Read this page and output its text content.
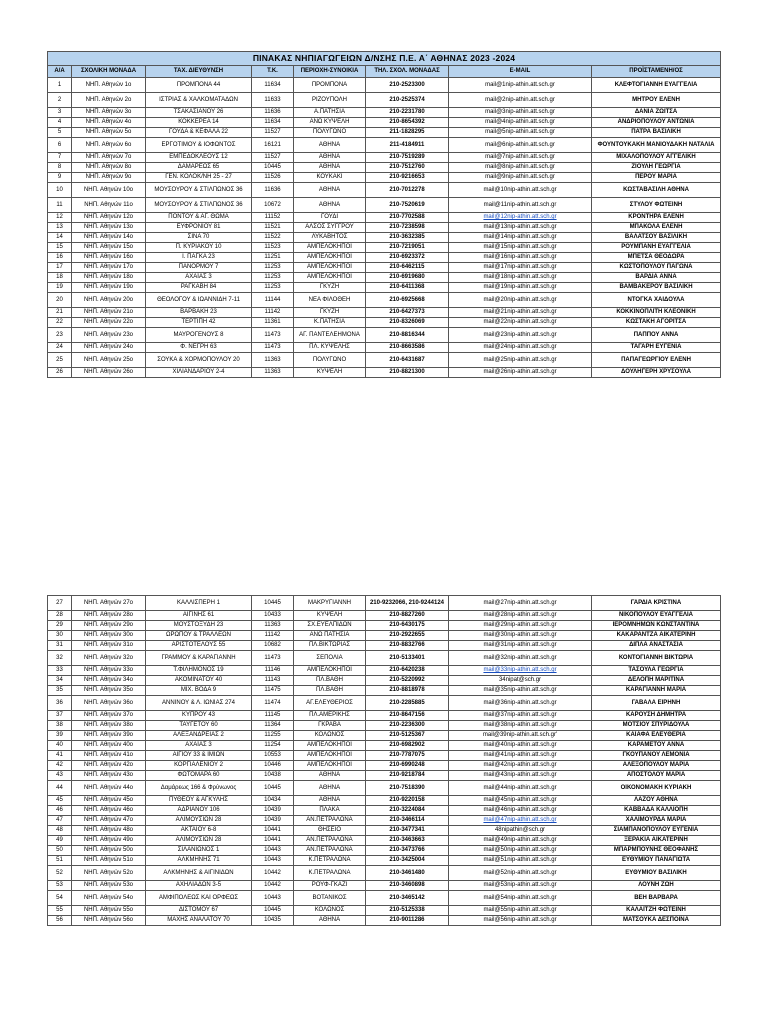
ΠΙΝΑΚΑΣ ΝΗΠΙΑΓΩΓΕΙΩΝ Δ/ΝΣΗΣ Π.Ε. Α΄ ΑΘΗΝΑΣ 2023 -2024							
Α/Α	ΣΧΟΛΙΚΗ ΜΟΝΑΔΑ	ΤΑΧ. ΔΙΕΥΘΥΝΣΗ	Τ.Κ.	ΠΕΡΙΟΧΗ-ΣΥΝΟΙΚΙΑ	ΤΗΛ. ΣΧΟΛ. ΜΟΝΑΔΑΣ	E-MAIL	ΠΡΟΪΣΤΑΜΕΝΗ/ΟΣ
1	ΝΗΠ. Αθηνών 1ο	ΠΡΟΜΠΟΝΑ 44	11634	ΠΡΟΜΠΟΝΑ	210-2523300	mail@1nip-athin.att.sch.gr	ΚΛΕΦΤΟΓΙΑΝΝΗ ΕΥΑΓΓΕΛΙΑ
2	ΝΗΠ. Αθηνών 2ο	ΙΣΤΡΙΑΣ & ΧΑΛΚΟΜΑΤΑΔΩΝ	11633	ΡΙΖΟΥΠΟΛΗ	210-2525374	mail@2nip-athin.att.sch.gr	ΜΗΤΡΟΥ ΕΛΕΝΗ
3	ΝΗΠ. Αθηνών 3ο	ΤΣΑΚΑΣΙΑΝΟΥ 26	11636	Α.ΠΑΤΗΣΙΑ	210-2231780	mail@3nip-athin.att.sch.gr	ΔΑΝΙΑ ΖΩΙΤΣΑ
4	ΝΗΠ. Αθηνών 4ο	ΚΟΚΚΕΡΕΑ 14	11634	ΑΝΩ ΚΥΨΕΛΗ	210-8654392	mail@4nip-athin.att.sch.gr	ΑΝΔΡΙΟΠΟΥΛΟΥ ΑΝΤΩΝΙΑ
5	ΝΗΠ. Αθηνών 5ο	ΓΟΥΔΑ & ΚΕΦΑΛΑ 22	11527	ΠΟΛΥΓΩΝΟ	211-1828295	mail@5nip-athin.att.sch.gr	ΠΑΤΡΑ ΒΑΣΙΛΙΚΗ
6	ΝΗΠ. Αθηνών 6ο	ΕΡΓΟΤΙΜΟΥ & ΙΟΦΩΝΤΟΣ	16121	ΑΘΗΝΑ	211-4184911	mail@6nip-athin.att.sch.gr	ΦΟΥΝΤΟΥΚΑΚΗ ΜΑΝΙΟΥΔΑΚΗ ΝΑΤΑΛΙΑ
7	ΝΗΠ. Αθηνών 7ο	ΕΜΠΕΔΟΚΛΕΟΥΣ 12	11527	ΑΘΗΝΑ	210-7519289	mail@7nip-athin.att.sch.gr	ΜΙΧΑΛΟΠΟΥΛΟΥ ΑΓΓΕΛΙΚΗ
8	ΝΗΠ. Αθηνών 8ο	ΔΑΜΑΡΕΩΣ 65	10445	ΑΘΗΝΑ	210-7512760	mail@8nip-athin.att.sch.gr	ΖΙΟΥΛΗ ΓΕΩΡΓΙΑ
9	ΝΗΠ. Αθηνών 9ο	ΓΕΝ. ΚΟΛΟΚ/ΝΗ 25 - 27	11526	ΚΟΥΚΑΚΙ	210-9216653	mail@9nip-athin.att.sch.gr	ΠΕΡΟΥ ΜΑΡΙΑ
10	ΝΗΠ. Αθηνών 10ο	ΜΟΥΣΟΥΡΟΥ & ΣΤΙΛΠΩΝΟΣ 36	11636	ΑΘΗΝΑ	210-7012278	mail@10nip-athin.att.sch.gr	ΚΩΣΤΑΒΑΣΙΛΗ ΑΘΗΝΑ
11	ΝΗΠ. Αθηνών 11ο	ΜΟΥΣΟΥΡΟΥ & ΣΤΙΛΠΩΝΟΣ 36	10672	ΑΘΗΝΑ	210-7520619	mail@11nip-athin.att.sch.gr	ΣΤΥΛΟΥ ΦΩΤΕΙΝΗ
12	ΝΗΠ. Αθηνών 12ο	ΠΟΝΤΟΥ & ΑΓ. ΘΩΜΑ	11152	ΓΟΥΔΙ	210-7702588	mail@12nip-athin.att.sch.gr	ΚΡΟΝΤΗΡΑ ΕΛΕΝΗ
13	ΝΗΠ. Αθηνών 13ο	ΕΥΦΡΟΝΙΟΥ 81	11521	ΑΛΣΟΣ ΣΥΓΓΡΟΥ	210-7238598	mail@13nip-athin.att.sch.gr	ΜΠΑΚΟΛΑ ΕΛΕΝΗ
14	ΝΗΠ. Αθηνών 14ο	ΣΙΝΑ 70	11522	ΛΥΚΑΒΗΤΟΣ	210-3632385	mail@14nip-athin.att.sch.gr	ΒΑΛΑΤΣΟΥ ΒΑΣΙΛΙΚΗ
15	ΝΗΠ. Αθηνών 15ο	Π. ΚΥΡΙΑΚΟΥ 10	11523	ΑΜΠΕΛΟΚΗΠΟΙ	210-7219051	mail@15nip-athin.att.sch.gr	ΡΟΥΜΠΑΝΗ ΕΥΑΓΓΕΛΙΑ
16	ΝΗΠ. Αθηνών 16ο	Ι. ΠΑΓΚΑ 23	11251	ΑΜΠΕΛΟΚΗΠΟΙ	210-6923372	mail@16nip-athin.att.sch.gr	ΜΠΕΤΣΑ ΘΕΟΔΩΡΑ
17	ΝΗΠ. Αθηνών 17ο	ΠΑΝΟΡΜΟΥ 7	11253	ΑΜΠΕΛΟΚΗΠΟΙ	210-6462115	mail@17nip-athin.att.sch.gr	ΚΩΣΤΟΠΟΥΛΟΥ ΠΑΓΩΝΑ
18	ΝΗΠ. Αθηνών 18ο	ΑΧΑΪΑΣ 3	11253	ΑΜΠΕΛΟΚΗΠΟΙ	210-6919680	mail@18nip-athin.att.sch.gr	ΒΑΡΔΙΑ ΑΝΝΑ
19	ΝΗΠ. Αθηνών 19ο	ΡΑΓΚΑΒΗ 84	11253	ΓΚΥΖΗ	210-6411368	mail@19nip-athin.att.sch.gr	ΒΑΜΒΑΚΕΡΟΥ ΒΑΣΙΛΙΚΗ
20	ΝΗΠ. Αθηνών 20ο	ΘΕΟΛΟΓΟΥ & ΙΩΑΝΝΙΔΗ 7-11	11144	ΝΕΑ ΦΙΛΟΘΕΗ	210-6925668	mail@20nip-athin.att.sch.gr	ΝΤΟΓΚΑ ΧΑΙΔΟΥΛΑ
21	ΝΗΠ. Αθηνών 21ο	ΒΑΡΒΑΚΗ 23	11142	ΓΚΥΖΗ	210-6427373	mail@21nip-athin.att.sch.gr	ΚΟΚΚΙΝΟΠΛΙΤΗ ΚΛΕΟΝΙΚΗ
22	ΝΗΠ. Αθηνών 22ο	ΤΕΡΤΙΠΗ 42	11361	Κ.ΠΑΤΗΣΙΑ	210-8326069	mail@22nip-athin.att.sch.gr	ΚΩΣΤΑΚΗ ΑΓΟΡΙΤΣΑ
23	ΝΗΠ. Αθηνών 23ο	ΜΑΥΡΟΓΕΝΟΥΣ 8	11473	ΑΓ. ΠΑΝΤΕΛΕΗΜΟΝΑ	210-8816344	mail@23nip-athin.att.sch.gr	ΠΑΠΠΟΥ ΑΝΝΑ
24	ΝΗΠ. Αθηνών 24ο	Φ. ΝΕΓΡΗ 63	11473	ΠΛ. ΚΥΨΕΛΗΣ	210-8663586	mail@24nip-athin.att.sch.gr	ΤΑΓΑΡΗ ΕΥΓΕΝΙΑ
25	ΝΗΠ. Αθηνών 25ο	ΣΟΥΚΑ & ΧΟΡΜΟΠΟΥΛΟΥ 20	11363	ΠΟΛΥΓΩΝΟ	210-6431687	mail@25nip-athin.att.sch.gr	ΠΑΠΑΓΕΩΡΓΙΟΥ ΕΛΕΝΗ
26	ΝΗΠ. Αθηνών 26ο	ΧΙΛΙΑΝΔΑΡΙΟΥ 2-4	11363	ΚΥΨΕΛΗ	210-8821300	mail@26nip-athin.att.sch.gr	ΔΟΥΛΗΓΕΡΗ ΧΡΥΣΟΥΛΑ
27	ΝΗΠ. Αθηνών 27ο	ΚΑΛΛΙΣΠΕΡΗ 1	10445	ΜΑΚΡΥΓΙΑΝΝΗ	210-9232066, 210-9244124	mail@27nip-athin.att.sch.gr	ΓΑΡΔΙΑ ΚΡΙΣΤΙΝΑ
28	ΝΗΠ. Αθηνών 28ο	ΑΙΓΙΝΗΣ 61	10433	ΚΥΨΕΛΗ	210-8827260	mail@28nip-athin.att.sch.gr	ΝΙΚΟΠΟΥΛΟΥ ΕΥΑΓΓΕΛΙΑ
29	ΝΗΠ. Αθηνών 29ο	ΜΟΥΣΤΟΞΥΔΗ 23	11363	ΣΧ.ΕΥΕΛΠΙΔΩΝ	210-6430175	mail@29nip-athin.att.sch.gr	ΙΕΡΟΜΝΗΜΩΝ ΚΩΝΣΤΑΝΤΙΝΑ
30	ΝΗΠ. Αθηνών 30ο	ΩΡΩΠΟΥ & ΤΡΑΛΛΕΩΝ	11142	ΑΝΩ ΠΑΤΗΣΙΑ	210-2922655	mail@30nip-athin.att.sch.gr	ΚΑΚΑΡΑΝΤΖΑ ΑΙΚΑΤΕΡΙΝΗ
31	ΝΗΠ. Αθηνών 31ο	ΑΡΙΣΤΟΤΕΛΟΥΣ 55	10682	ΠΛ.ΒΙΚΤΩΡΙΑΣ	210-8832766	mail@31nip-athin.att.sch.gr	ΔΙΠΛΑ ΑΝΑΣΤΑΣΙΑ
32	ΝΗΠ. Αθηνών 32ο	ΓΡΑΜΜΟΥ & ΚΑΡΑΓΙΑΝΝΗ	11473	ΣΕΠΟΛΙΑ	210-5133401	mail@32nip-athin.att.sch.gr	ΚΟΝΤΟΓΙΑΝΝΗ ΒΙΚΤΩΡΙΑ
33	ΝΗΠ. Αθηνών 33ο	Τ.ΦΙΛΗΜΟΝΟΣ 19	11146	ΑΜΠΕΛΟΚΗΠΟΙ	210-6420238	mail@33nip-athin.att.sch.gr	ΤΑΣΟΥΛΑ ΓΕΩΡΓΙΑ
34	ΝΗΠ. Αθηνών 34ο	ΑΚΟΜΙΝΑΤΟΥ 40	11143	ΠΛ.ΒΑΘΗ	210-5220992	34nipat@sch.gr	ΔΕΛΟΠΗ ΜΑΡΙΤΙΝΑ
35	ΝΗΠ. Αθηνών 35ο	ΜΙΧ. ΒΟΔΑ 9	11475	ΠΛ.ΒΑΘΗ	210-8818978	mail@35nip-athin.att.sch.gr	ΚΑΡΑΓΙΑΝΝΗ ΜΑΡΙΑ
36	ΝΗΠ. Αθηνών 36ο	ΑΝΝΙΝΟΥ & Λ. ΙΩΝΙΑΣ 274	11474	ΑΓ.ΕΛΕΥΘΕΡΙΟΣ	210-2285885	mail@36nip-athin.att.sch.gr	ΓΑΒΑΛΑ ΕΙΡΗΝΗ
37	ΝΗΠ. Αθηνών 37ο	ΚΥΠΡΟΥ 43	11145	ΠΛ.ΑΜΕΡΙΚΗΣ	210-8647156	mail@37nip-athin.att.sch.gr	ΚΑΡΟΥΣΗ ΔΗΜΗΤΡΑ
38	ΝΗΠ. Αθηνών 38ο	ΤΑΫΓΕΤΟΥ 60	11364	ΓΚΡΑΒΑ	210-2236300	mail@38nip-athin.att.sch.gr	ΜΟΤΣΙΟΥ ΣΠΥΡΙΔΟΥΛΑ
39	ΝΗΠ. Αθηνών 39ο	ΑΛΕΞΑΝΔΡΕΙΑΣ 2	11255	ΚΟΛΩΝΟΣ	210-5125367	mail@39nip-athin.att.sch.gr'	ΚΑΪΑΦΑ ΕΛΕΥΘΕΡΙΑ
40	ΝΗΠ. Αθηνών 40ο	ΑΧΑΪΑΣ 3	11254	ΑΜΠΕΛΟΚΗΠΟΙ	210-6982902	mail@40nip-athin.att.sch.gr	ΚΑΡΑΜΕΤΟΥ ΑΝΝΑ
41	ΝΗΠ. Αθηνών 41ο	ΑΙΓΙΟΥ 33 & ΙΜΙΩΝ	10553	ΑΜΠΕΛΟΚΗΠΟΙ	210-7787075	mail@41nip-athin.att.sch.gr	ΓΚΟΥΠΑΝΟΥ ΛΕΜΟΝΙΑ
42	ΝΗΠ. Αθηνών 42ο	ΚΟΡΓΙΑΛΕΝΙΟΥ 2	10446	ΑΜΠΕΛΟΚΗΠΟΙ	210-6990248	mail@42nip-athin.att.sch.gr	ΑΛΕΞΟΠΟΥΛΟΥ ΜΑΡΙΑ
43	ΝΗΠ. Αθηνών 43ο	ΦΩΤΟΜΑΡΑ 60	10438	ΑΘΗΝΑ	210-9218784	mail@43nip-athin.att.sch.gr	ΑΠΟΣΤΟΛΟΥ ΜΑΡΙΑ
44	ΝΗΠ. Αθηνών 44ο	Δαμάρεως 166 & Φρύνωνος	10445	ΑΘΗΝΑ	210-7518390	mail@44nip-athin.att.sch.gr	ΟΙΚΟΝΟΜΑΚΗ ΚΥΡΙΑΚΗ
45	ΝΗΠ. Αθηνών 45ο	ΠΥΘΕΟΥ & ΑΓΚΥΛΗΣ	10434	ΑΘΗΝΑ	210-9220158	mail@45nip-athin.att.sch.gr	ΛΑΖΟΥ ΑΘΗΝΑ
46	ΝΗΠ. Αθηνών 46ο	ΑΔΡΙΑΝΟΥ 106	10439	ΠΛΑΚΑ	210-3224084	mail@46nip-athin.att.sch.gr	ΚΑΒΒΑΔΑ ΚΑΛΛΙΟΠΗ
47	ΝΗΠ. Αθηνών 47ο	ΑΛΙΜΟΥΣΙΩΝ 28	10439	ΑΝ.ΠΕΤΡΑΛΩΝΑ	210-3466114	mail@47nip-athin.att.sch.gr	ΧΑΛΙΜΟΥΡΔΑ ΜΑΡΙΑ
48	ΝΗΠ. Αθηνών 48ο	ΑΚΤΑΙΟΥ 6-8	10441	ΘΗΣΕΙΟ	210-3477341	48nipathin@sch.gr	ΣΙΑΜΠΑΝΟΠΟΥΛΟΥ ΕΥΓΕΝΙΑ
49	ΝΗΠ. Αθηνών 49ο	ΑΛΙΜΟΥΣΙΩΝ 28	10441	ΑΝ.ΠΕΤΡΑΛΩΝΑ	210-3463663	mail@49nip-athin.att.sch.gr	ΞΕΡΑΚΙΑ ΑΙΚΑΤΕΡΙΝΗ
50	ΝΗΠ. Αθηνών 50ο	ΣΙΛΑΝΙΩΝΟΣ 1	10443	ΑΝ.ΠΕΤΡΑΛΩΝΑ	210-3473766	mail@50nip-athin.att.sch.gr	ΜΠΑΡΜΠΟΥΝΗΣ ΘΕΟΦΑΝΗΣ
51	ΝΗΠ. Αθηνών 51ο	ΑΛΚΜΗΝΗΣ 71	10443	Κ.ΠΕΤΡΑΛΩΝΑ	210-3425004	mail@51nip-athin.att.sch.gr	ΕΥΘΥΜΙΟΥ ΠΑΝΑΓΙΩΤΑ
52	ΝΗΠ. Αθηνών 52ο	ΑΛΚΜΗΝΗΣ & ΑΙΓΙΝΙΔΩΝ	10442	Κ.ΠΕΤΡΑΛΩΝΑ	210-3461480	mail@52nip-athin.att.sch.gr	ΕΥΘΥΜΙΟΥ ΒΑΣΙΛΙΚΗ
53	ΝΗΠ. Αθηνών 53ο	ΑΧΗΛΙΑΔΩΝ 3-5	10442	ΡΟΥΦ-ΓΚΑΖΙ	210-3460898	mail@53nip-athin.att.sch.gr	ΛΟΥΝΗ ΖΩΗ
54	ΝΗΠ. Αθηνών 54ο	ΑΜΦΙΠΟΛΕΩΣ ΚΑΙ ΟΡΦΕΩΣ	10443	ΒΟΤΑΝΙΚΟΣ	210-3465142	mail@54nip-athin.att.sch.gr	ΒΕΗ ΒΑΡΒΑΡΑ
55	ΝΗΠ. Αθηνών 55ο	ΔΙΣΤΟΜΟΥ 67	10445	ΚΟΛΩΝΟΣ	210-5125338	mail@55nip-athin.att.sch.gr	ΚΑΛΑΪΤΖΗ ΦΩΤΕΙΝΗ
56	ΝΗΠ. Αθηνών 56ο	ΜΑΧΗΣ ΑΝΑΛΑΤΟΥ 70	10435	ΑΘΗΝΑ	210-9011286	mail@56nip-athin.att.sch.gr	ΜΑΤΣΟΥΚΑ ΔΕΣΠΟΙΝΑ
